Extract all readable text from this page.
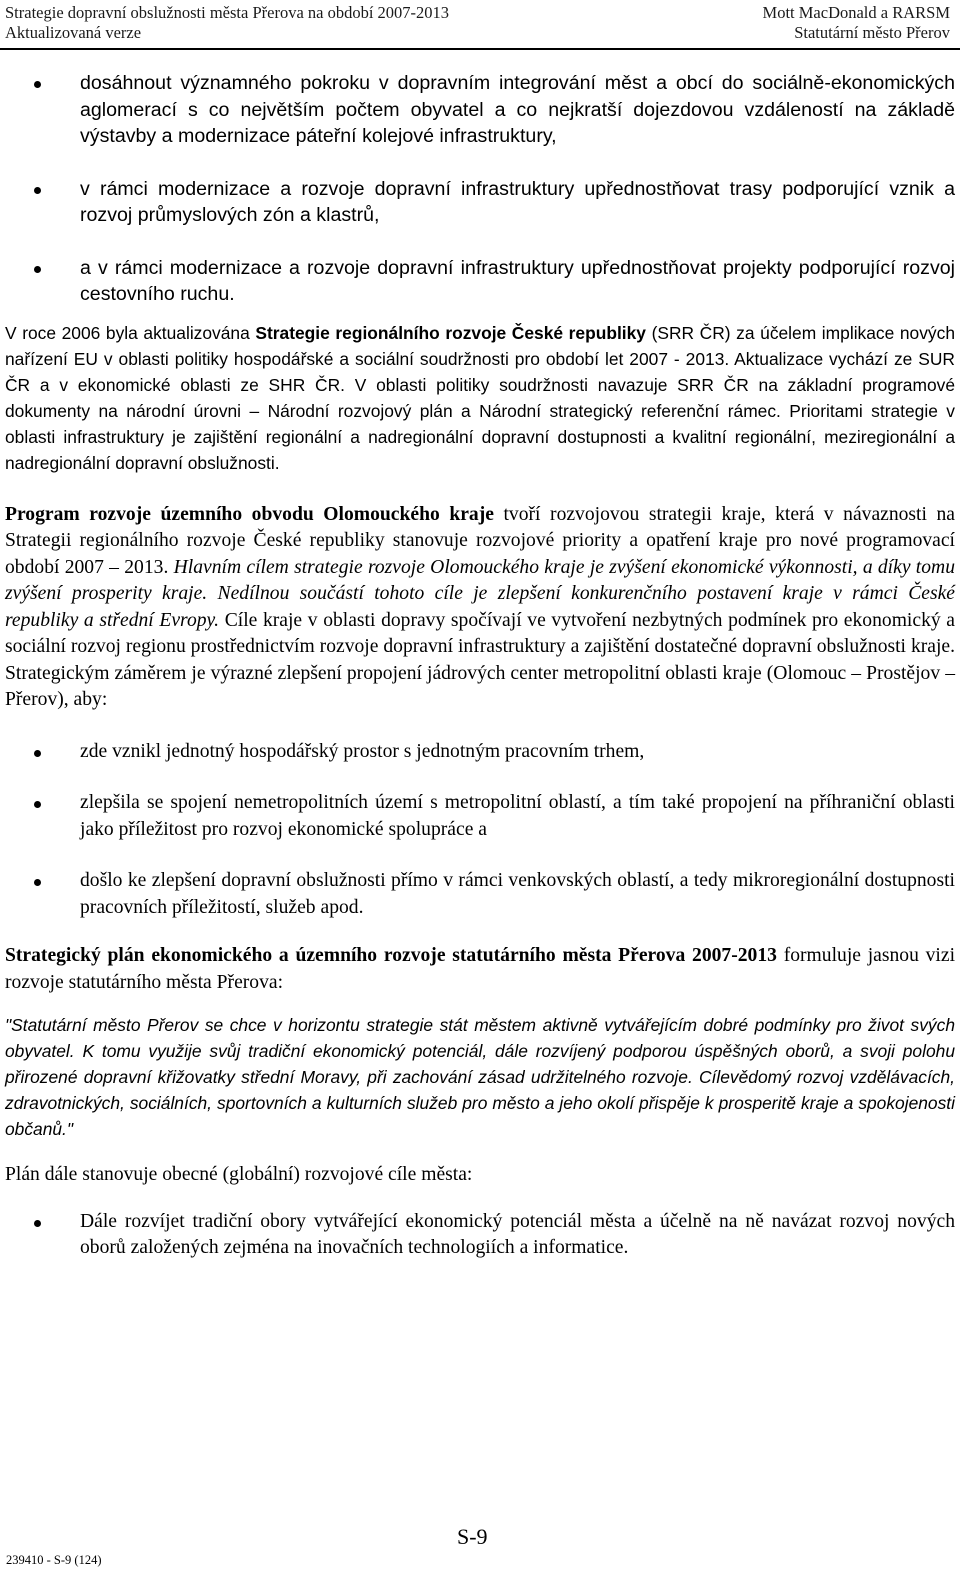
Strategie dopravní obslužnosti města Přerova na období 2007-2013
Aktualizovaná verze
Mott MacDonald a RARSM
Statutární město Přerov
dosáhnout významného pokroku v dopravním integrování měst a obcí do sociálně-ekonomických aglomerací s co největším počtem obyvatel a co nejkratší dojezdovou vzdáleností na základě výstavby a modernizace páteřní kolejové infrastruktury,
v rámci modernizace a rozvoje dopravní infrastruktury upřednostňovat trasy podporující vznik a rozvoj průmyslových zón a klastrů,
a v rámci modernizace a rozvoje dopravní infrastruktury upřednostňovat projekty podporující rozvoj cestovního ruchu.

V roce 2006 byla aktualizována Strategie regionálního rozvoje České republiky (SRR ČR) za účelem implikace nových nařízení EU v oblasti politiky hospodářské a sociální soudržnosti pro období let 2007 - 2013. Aktualizace vychází ze SUR ČR a v ekonomické oblasti ze SHR ČR. V oblasti politiky soudržnosti navazuje SRR ČR na základní programové dokumenty na národní úrovni – Národní rozvojový plán a Národní strategický referenční rámec. Prioritami strategie v oblasti infrastruktury je zajištění regionální a nadregionální dopravní dostupnosti a kvalitní regionální, meziregionální a nadregionální dopravní obslužnosti.

Program rozvoje územního obvodu Olomouckého kraje tvoří rozvojovou strategii kraje, která v návaznosti na Strategii regionálního rozvoje České republiky stanovuje rozvojové priority a opatření kraje pro nové programovací období 2007 – 2013. Hlavním cílem strategie rozvoje Olomouckého kraje je zvýšení ekonomické výkonnosti, a díky tomu zvýšení prosperity kraje. Nedílnou součástí tohoto cíle je zlepšení konkurenčního postavení kraje v rámci České republiky a střední Evropy. Cíle kraje v oblasti dopravy spočívají ve vytvoření nezbytných podmínek pro ekonomický a sociální rozvoj regionu prostřednictvím rozvoje dopravní infrastruktury a zajištění dostatečné dopravní obslužnosti kraje. Strategickým záměrem je výrazné zlepšení propojení jádrových center metropolitní oblasti kraje (Olomouc – Prostějov – Přerov), aby:

zde vznikl jednotný hospodářský prostor s jednotným pracovním trhem,
zlepšila se spojení nemetropolitních území s metropolitní oblastí, a tím také propojení na příhraniční oblasti jako příležitost pro rozvoj ekonomické spolupráce a
došlo ke zlepšení dopravní obslužnosti přímo v rámci venkovských oblastí, a tedy mikroregionální dostupnosti pracovních příležitostí, služeb apod.

Strategický plán ekonomického a územního rozvoje statutárního města Přerova 2007-2013 formuluje jasnou vizi rozvoje statutárního města Přerova:

"Statutární město Přerov se chce v horizontu strategie stát městem aktivně vytvářejícím dobré podmínky pro život svých obyvatel. K tomu využije svůj tradiční ekonomický potenciál, dále rozvíjený podporou úspěšných oborů, a svoji polohu přirozené dopravní křižovatky střední Moravy, při zachování zásad udržitelného rozvoje. Cílevědomý rozvoj vzdělávacích, zdravotnických, sociálních, sportovních a kulturních služeb pro město a jeho okolí přispěje k prosperitě kraje a spokojenosti občanů."

Plán dále stanovuje obecné (globální) rozvojové cíle města:

Dále rozvíjet tradiční obory vytvářející ekonomický potenciál města a účelně na ně navázat rozvoj nových oborů založených zejména na inovačních technologiích a informatice.
S-9
239410 - S-9 (124)
